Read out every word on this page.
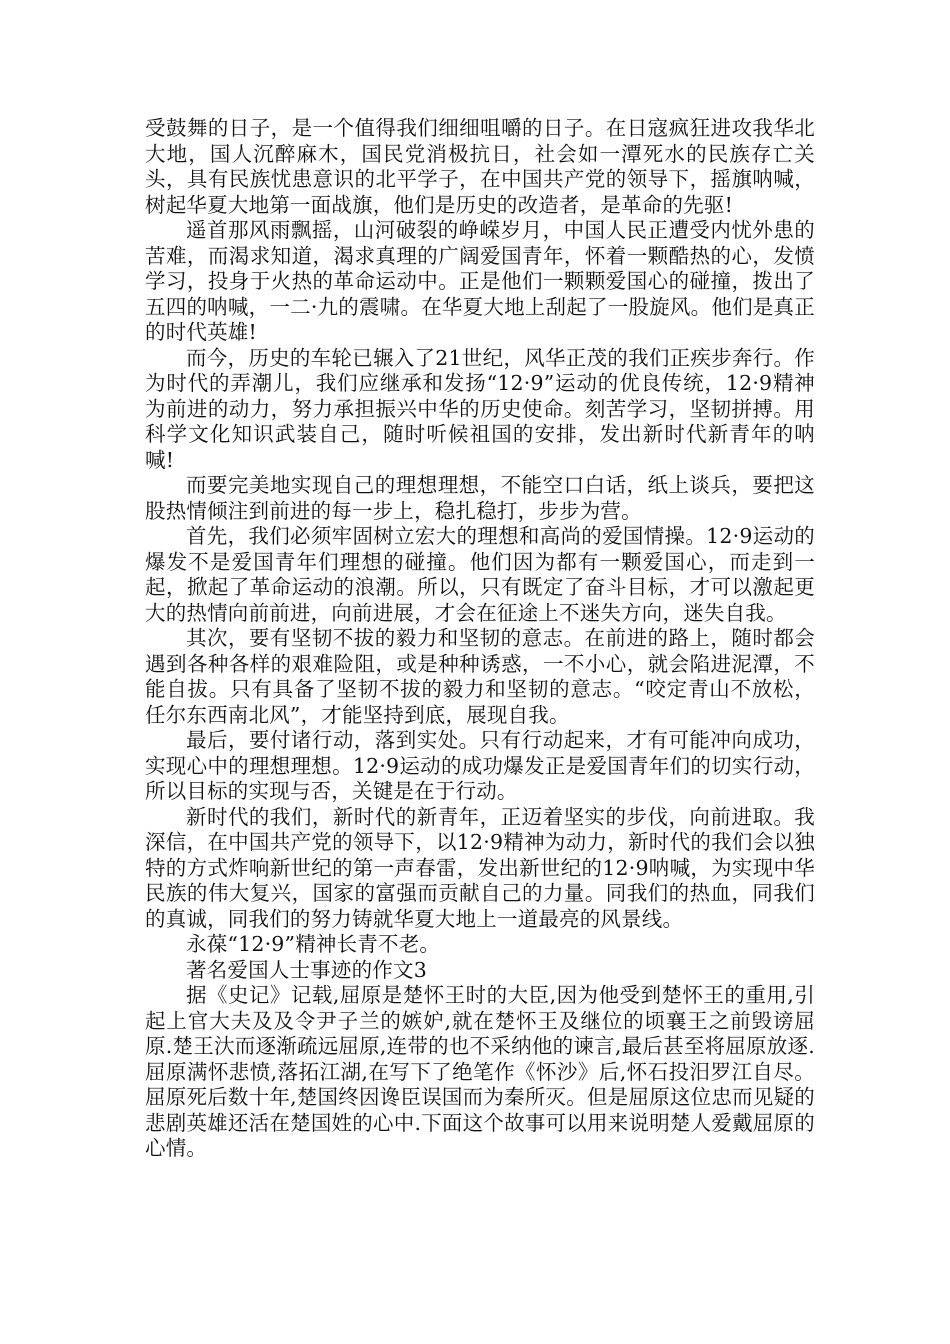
受鼓舞的日子，是一个值得我们细细咀嚼的日子。在日寇疯狂进攻我华北大地，国人沉醉麻木，国民党消极抗日，社会如一潭死水的民族存亡关头，具有民族忧患意识的北平学子，在中国共产党的领导下，摇旗呐喊，树起华夏大地第一面战旗，他们是历史的改造者，是革命的先驱!

遥首那风雨飘摇，山河破裂的峥嵘岁月，中国人民正遭受内忧外患的苦难，而渴求知道，渴求真理的广阔爱国青年，怀着一颗酷热的心，发愤学习，投身于火热的革命运动中。正是他们一颗颗爱国心的碰撞，拨出了五四的呐喊，一二·九的震啸。在华夏大地上刮起了一股旋风。他们是真正的时代英雄!

而今，历史的车轮已辗入了21世纪，风华正茂的我们正疾步奔行。作为时代的弄潮儿，我们应继承和发扬“12·9”运动的优良传统，12·9精神为前进的动力，努力承担振兴中华的历史使命。刻苦学习，坚韧拼搏。用科学文化知识武装自己，随时听候祖国的安排，发出新时代新青年的呐喊!

而要完美地实现自己的理想理想，不能空口白话，纸上谈兵，要把这股热情倾注到前进的每一步上，稳扎稳打，步步为营。

首先，我们必须牢固树立宏大的理想和高尚的爱国情操。12·9运动的爆发不是爱国青年们理想的碰撞。他们因为都有一颗爱国心，而走到一起，掀起了革命运动的浪潮。所以，只有既定了奋斗目标，才可以激起更大的热情向前前进，向前进展，才会在征途上不迷失方向，迷失自我。

其次，要有坚韧不拔的毅力和坚韧的意志。在前进的路上，随时都会遇到各种各样的艰难险阻，或是种种诱惑，一不小心，就会陷进泥潭，不能自拔。只有具备了坚韧不拔的毅力和坚韧的意志。“咬定青山不放松，任尔东西南北风”，才能坚持到底，展现自我。

最后，要付诸行动，落到实处。只有行动起来，才有可能冲向成功，实现心中的理想理想。12·9运动的成功爆发正是爱国青年们的切实行动，所以目标的实现与否，关键是在于行动。

新时代的我们，新时代的新青年，正迈着坚实的步伐，向前进取。我深信，在中国共产党的领导下，以12·9精神为动力，新时代的我们会以独特的方式炸响新世纪的第一声春雷，发出新世纪的12·9呐喊，为实现中华民族的伟大复兴，国家的富强而贡献自己的力量。同我们的热血，同我们的真诚，同我们的努力铸就华夏大地上一道最亮的风景线。

永葆“12·9”精神长青不老。

著名爱国人士事迹的作文3

据《史记》记载,屈原是楚怀王时的大臣,因为他受到楚怀王的重用,引起上官大夫及及令尹子兰的嫉妒,就在楚怀王及继位的顷襄王之前毁谤屈原.楚王汏而逐渐疏远屈原,连带的也不采纳他的谏言,最后甚至将屈原放逐.屈原满怀悲愤,落拓江湖,在写下了绝笔作《怀沙》后,怀石投汨罗江自尽。屈原死后数十年,楚国终因谗臣误国而为秦所灭。但是屈原这位忠而见疑的悲剧英雄还活在楚国姓的心中.下面这个故事可以用来说明楚人爱戴屈原的心情。
